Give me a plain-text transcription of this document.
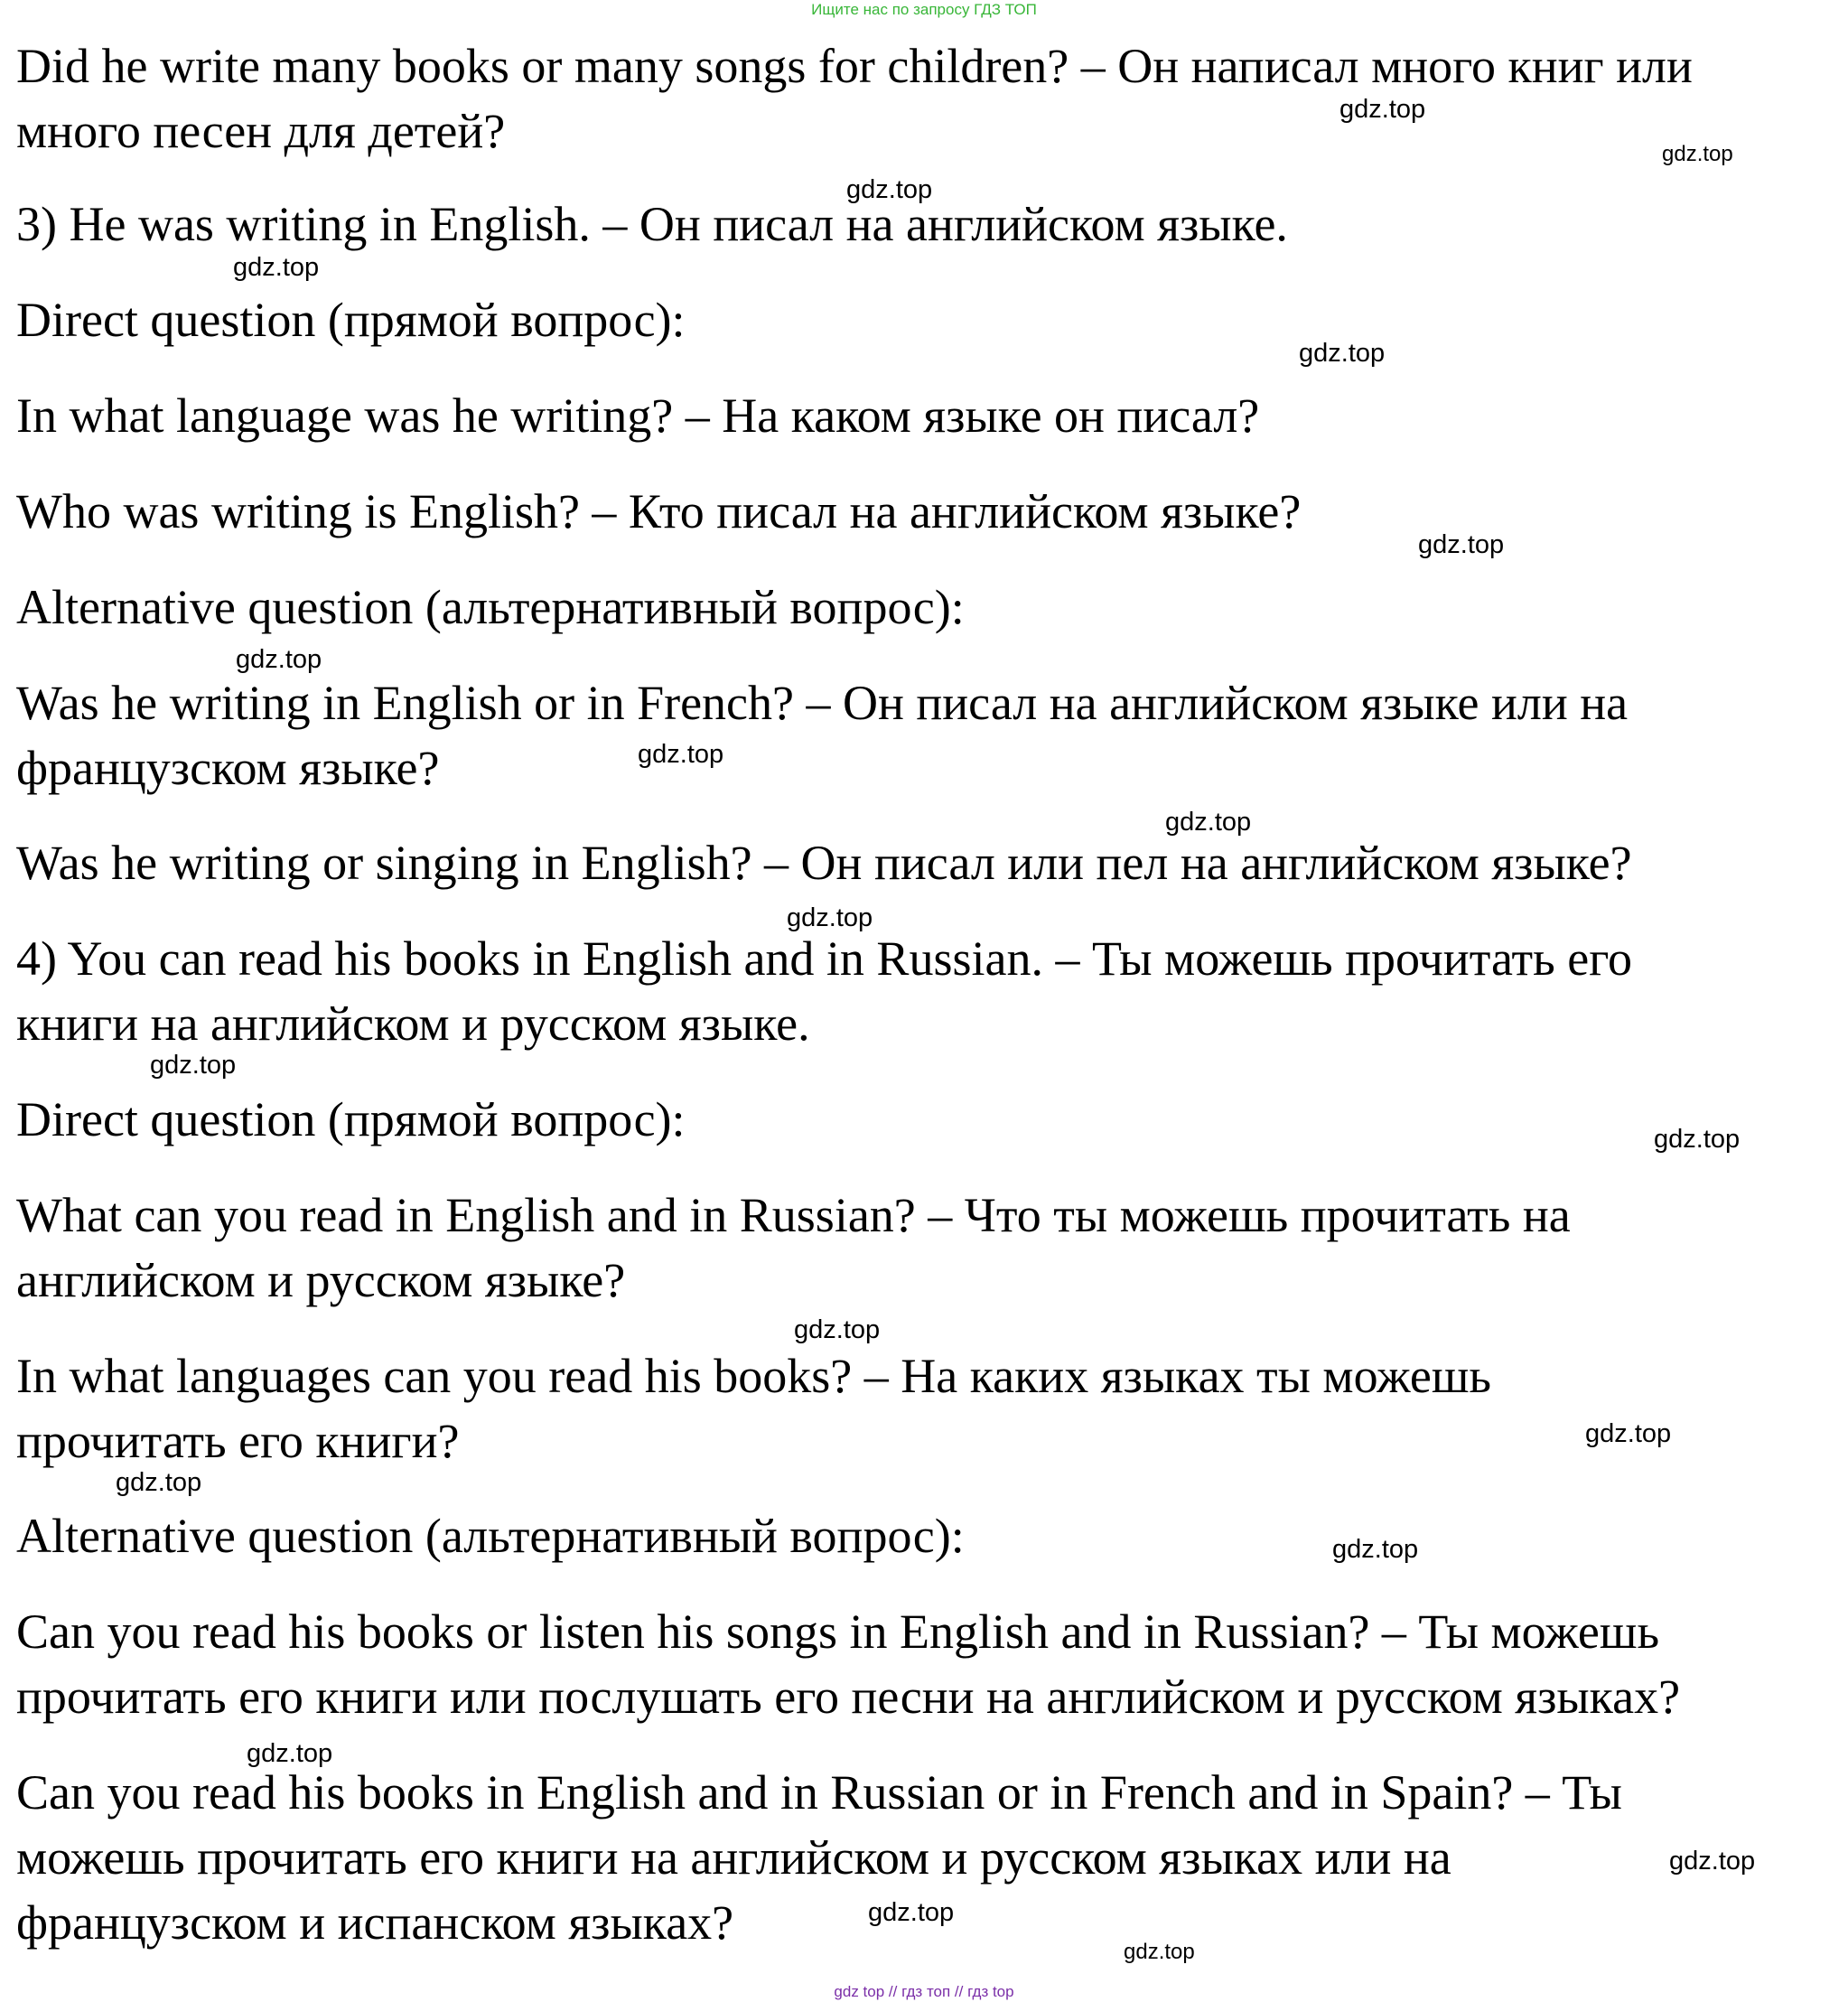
Ищите нас по запросу ГДЗ ТОП
Did he write many books or many songs for children? – Он написал много книг или
много песен для детей?
3) He was writing in English. – Он писал на английском языке.
Direct question (прямой вопрос):
In what language was he writing? – На каком языке он писал?
Who was writing is English? – Кто писал на английском языке?
Alternative question (альтернативный вопрос):
Was he writing in English or in French? – Он писал на английском языке или на
французском языке?
Was he writing or singing in English? – Он писал или пел на английском языке?
4) You can read his books in English and in Russian. – Ты можешь прочитать его
книги на английском и русском языке.
Direct question (прямой вопрос):
What can you read in English and in Russian? – Что ты можешь прочитать на
английском и русском языке?
In what languages can you read his books? – На каких языках ты можешь
прочитать его книги?
Alternative question (альтернативный вопрос):
Can you read his books or listen his songs in English and in Russian? – Ты можешь
прочитать его книги или послушать его песни на английском и русском языках?
Can you read his books in English and in Russian or in French and in Spain? – Ты
можешь прочитать его книги на английском и русском языках или на
французском и испанском языках?
gdz.top
gdz.top
gdz.top
gdz.top
gdz.top
gdz.top
gdz.top
gdz.top
gdz.top
gdz.top
gdz.top
gdz.top
gdz.top
gdz.top
gdz.top
gdz.top
gdz.top
gdz.top
gdz.top
gdz.top
gdz top // гдз топ // гдз top
